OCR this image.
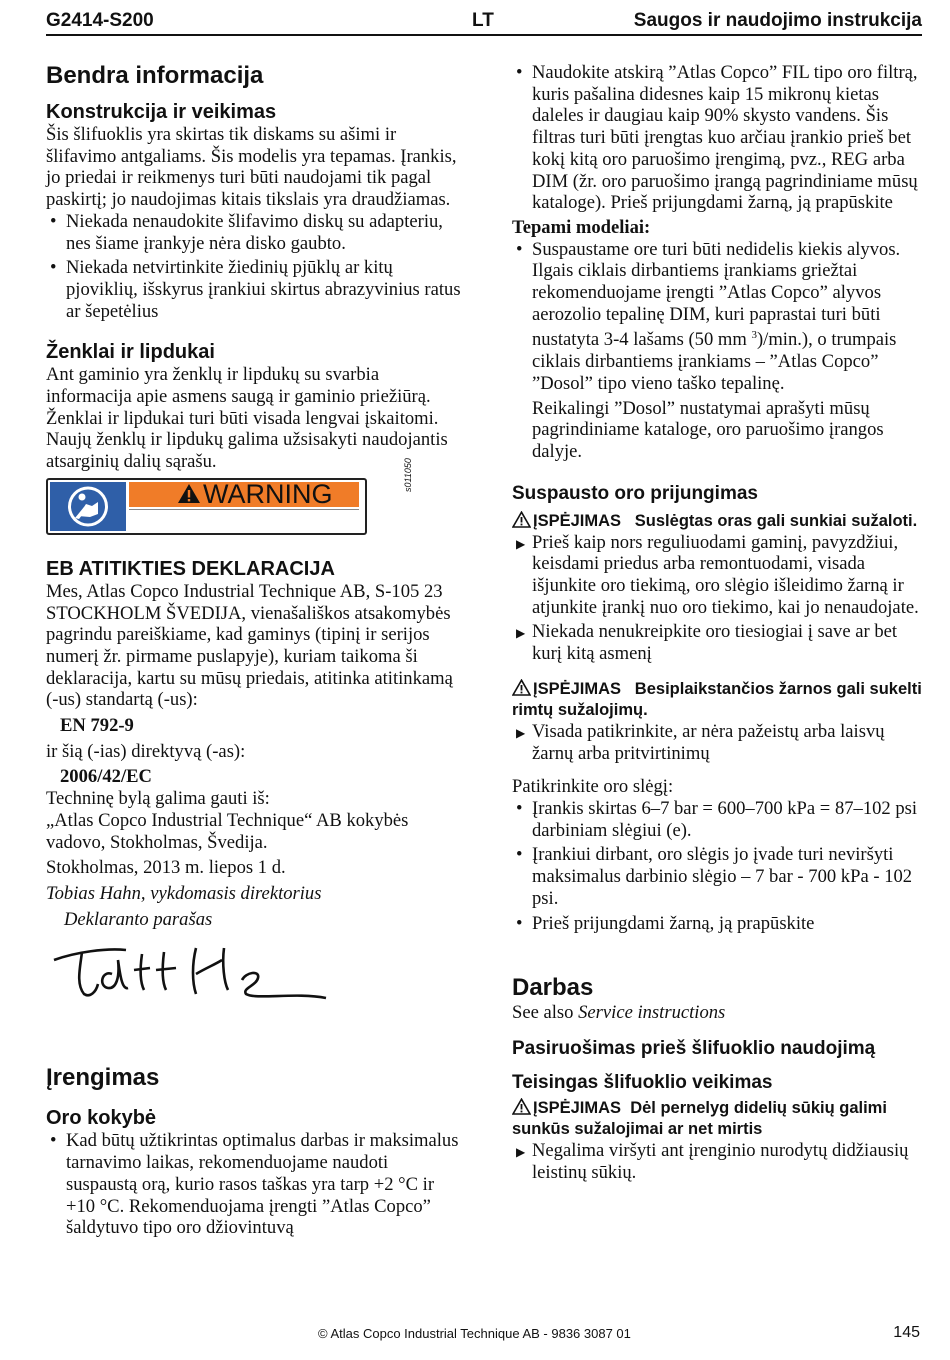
G2414-S200	LT	Saugos ir naudojimo instrukcija
Bendra informacija
Konstrukcija ir veikimas

Šis šlifuoklis yra skirtas tik diskams su ašimi ir šlifavimo antgaliams. Šis modelis yra tepamas. Įrankis, jo priedai ir reikmenys turi būti naudojami tik pagal paskirtį; jo naudojimas kitais tikslais yra draudžiamas.

• Niekada nenaudokite šlifavimo diskų su adapteriu, nes šiame įrankyje nėra disko gaubto.
• Niekada netvirtinkite žiedinių pjūklų ar kitų pjoviklių, išskyrus įrankiui skirtus abrazyvinius ratus ar šepetėlius
Ženklai ir lipdukai

Ant gaminio yra ženklų ir lipdukų su svarbia informacija apie asmens saugą ir gaminio priežiūrą. Ženklai ir lipdukai turi būti visada lengvai įskaitomi. Naujų ženklų ir lipdukų galima užsisakyti naudojantis atsarginių dalių sąrašu.

WARNING
s011050
EB ATITIKTIES DEKLARACIJA

Mes, Atlas Copco Industrial Technique AB, S-105 23 STOCKHOLM ŠVEDIJA, vienašališkos atsakomybės pagrindu pareiškiame, kad gaminys (tipinį ir serijos numerį žr. pirmame puslapyje), kuriam taikoma ši deklaracija, kartu su mūsų priedais, atitinka atitinkamą (-us) standartą (-us):

EN 792-9

ir šią (-ias) direktyvą (-as):

2006/42/EC

Techninę bylą galima gauti iš:

„Atlas Copco Industrial Technique“ AB kokybės vadovo, Stokholmas, Švedija.

Stokholmas, 2013 m. liepos 1 d.

Tobias Hahn, vykdomasis direktorius

Deklaranto parašas

Įrengimas
Oro kokybė
• Kad būtų užtikrintas optimalus darbas ir maksimalus tarnavimo laikas, rekomenduojame naudoti suspaustą orą, kurio rasos taškas yra tarp +2 °C ir +10 °C. Rekomenduojama įrengti ”Atlas Copco” šaldytuvo tipo oro džiovintuvą
• Naudokite atskirą ”Atlas Copco” FIL tipo oro filtrą, kuris pašalina didesnes kaip 15 mikronų kietas daleles ir daugiau kaip 90% skysto vandens. Šis filtras turi būti įrengtas kuo arčiau įrankio prieš bet kokį kitą oro paruošimo įrengimą, pvz., REG arba DIM (žr. oro paruošimo įrangą pagrindiniame mūsų kataloge). Prieš prijungdami žarną, ją prapūskite

Tepami modeliai:

• Suspaustame ore turi būti nedidelis kiekis alyvos. Ilgais ciklais dirbantiems įrankiams griežtai rekomenduojame įrengti ”Atlas Copco” alyvos aerozolio tepalinę DIM, kuri paprastai turi būti nustatyta 3-4 lašams (50 mm $^3$)/min.), o trumpais ciklais dirbantiems įrankiams – ”Atlas Copco” ”Dosol” tipo vieno taško tepalinę.

Reikalingi ”Dosol” nustatymai aprašyti mūsų pagrindiniame kataloge, oro paruošimo įrangos dalyje.

Suspausto oro prijungimas

ĮSPĖJIMAS Suslėgtas oras gali sunkiai sužaloti.

▶ Prieš kaip nors reguliuodami gaminį, pavyzdžiui, keisdami priedus arba remontuodami, visada išjunkite oro tiekimą, oro slėgio išleidimo žarną ir atjunkite įrankį nuo oro tiekimo, kai jo nenaudojate.
▶ Niekada nenukreipkite oro tiesiogiai į save ar bet kurį kitą asmenį

ĮSPĖJIMAS Besiplaikstančios žarnos gali sukelti rimtų sužalojimų.

▶ Visada patikrinkite, ar nėra pažeistų arba laisvų žarnų arba pritvirtinimų

Patikrinkite oro slėgį:

• Įrankis skirtas 6–7 bar = 600–700 kPa = 87–102 psi darbiniam slėgiui (e).
• Įrankiui dirbant, oro slėgis jo įvade turi neviršyti maksimalus darbinio slėgio – 7 bar - 700 kPa - 102 psi.
• Prieš prijungdami žarną, ją prapūskite
Darbas

See also Service instructions

Pasiruošimas prieš šlifuoklio naudojimą
Teisingas šlifuoklio veikimas

ĮSPĖJIMAS Dėl pernelyg didelių sūkių galimi sunkūs sužalojimai ar net mirtis

▶ Negalima viršyti ant įrenginio nurodytų didžiausių leistinų sūkių.
© Atlas Copco Industrial Technique AB - 9836 3087 01	145
